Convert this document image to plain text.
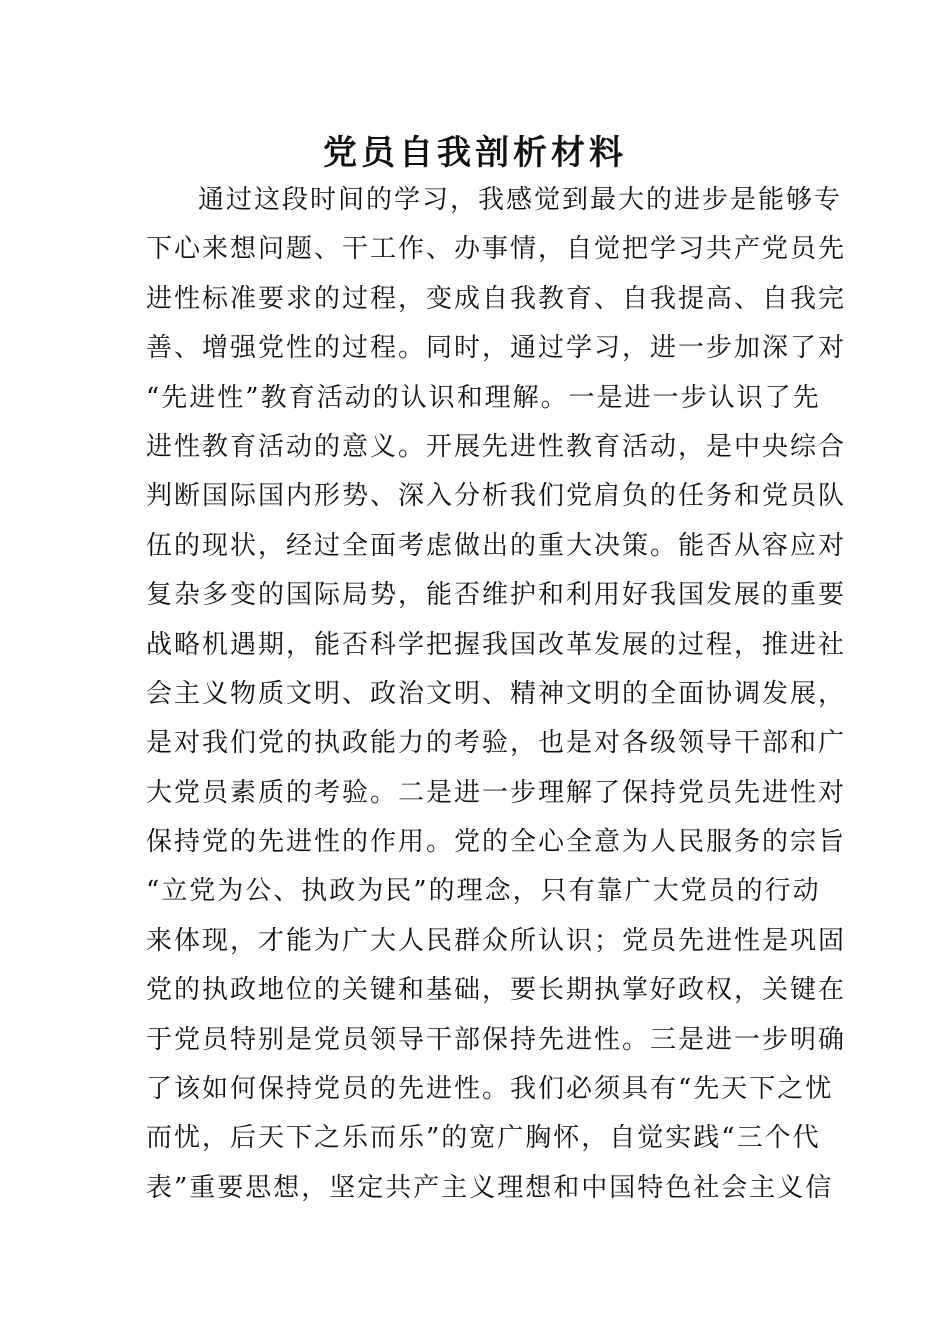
党员自我剖析材料
通过这段时间的学习，我感觉到最大的进步是能够专
下心来想问题、干工作、办事情，自觉把学习共产党员先
进性标准要求的过程，变成自我教育、自我提高、自我完
善、增强党性的过程。同时，通过学习，进一步加深了对
“先进性”教育活动的认识和理解。一是进一步认识了先
进性教育活动的意义。开展先进性教育活动，是中央综合
判断国际国内形势、深入分析我们党肩负的任务和党员队
伍的现状，经过全面考虑做出的重大决策。能否从容应对
复杂多变的国际局势，能否维护和利用好我国发展的重要
战略机遇期，能否科学把握我国改革发展的过程，推进社
会主义物质文明、政治文明、精神文明的全面协调发展，
是对我们党的执政能力的考验，也是对各级领导干部和广
大党员素质的考验。二是进一步理解了保持党员先进性对
保持党的先进性的作用。党的全心全意为人民服务的宗旨
“立党为公、执政为民”的理念，只有靠广大党员的行动
来体现，才能为广大人民群众所认识；党员先进性是巩固
党的执政地位的关键和基础，要长期执掌好政权，关键在
于党员特别是党员领导干部保持先进性。三是进一步明确
了该如何保持党员的先进性。我们必须具有“先天下之忧
而忧，后天下之乐而乐”的宽广胸怀，自觉实践“三个代
表”重要思想，坚定共产主义理想和中国特色社会主义信
